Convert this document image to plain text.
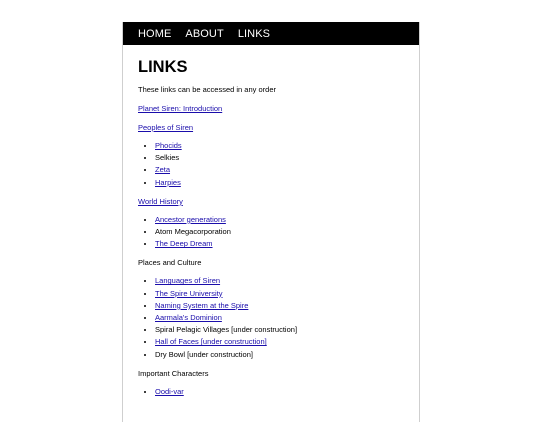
HOME ABOUT LINKS
LINKS

These links can be accessed in any order

Planet Siren: Introduction

Peoples of Siren

• Phocids
• Selkies
• Zeta
• Harpies

World History

• Ancestor generations
• Atom Megacorporation
• The Deep Dream

Places and Culture

• Languages of Siren
• The Spire University
• Naming System at the Spire
• Aarmala's Dominion
• Spiral Pelagic Villages [under construction]
• Hall of Faces [under construction]
• Dry Bowl [under construction]

Important Characters

• Oodi-var
